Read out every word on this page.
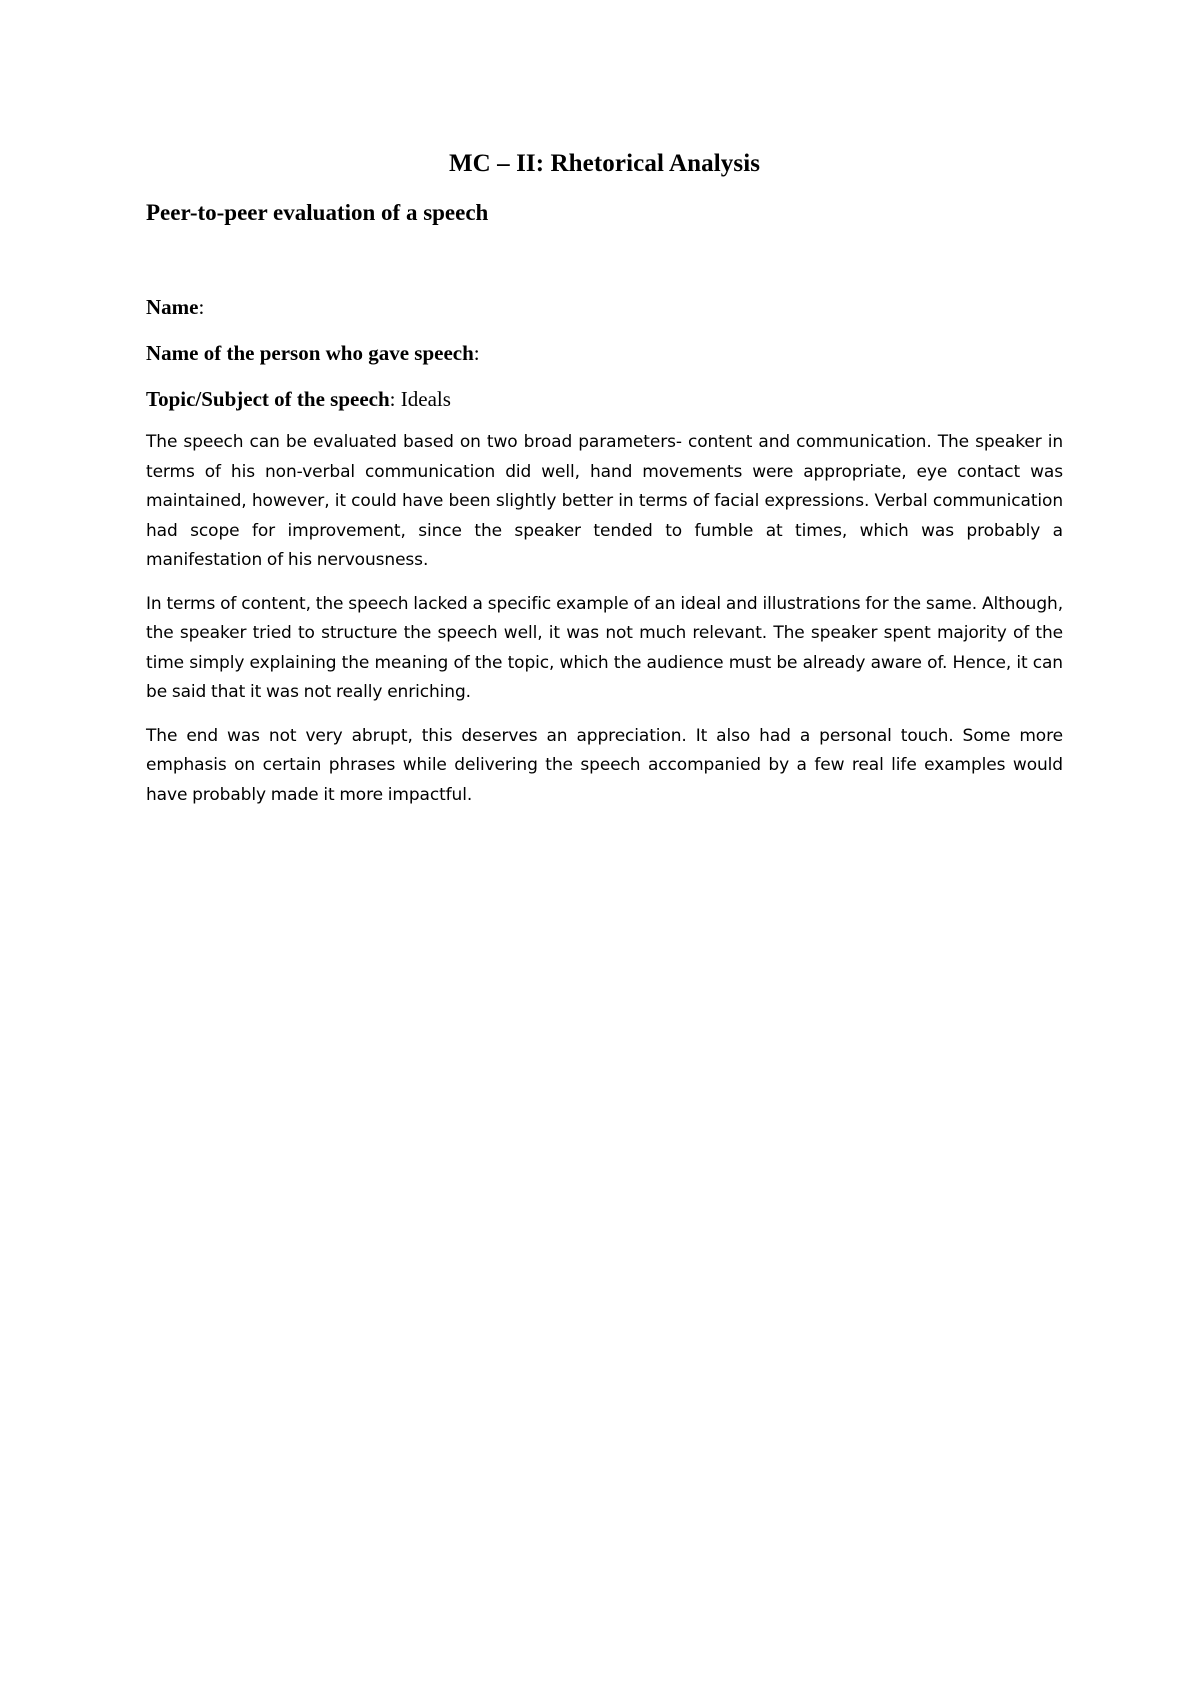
MC – II: Rhetorical Analysis
Peer-to-peer evaluation of a speech

Name:

Name of the person who gave speech:

Topic/Subject of the speech: Ideals

The speech can be evaluated based on two broad parameters- content and communication. The speaker in terms of his non-verbal communication did well, hand movements were appropriate, eye contact was maintained, however, it could have been slightly better in terms of facial expressions. Verbal communication had scope for improvement, since the speaker tended to fumble at times, which was probably a manifestation of his nervousness.

In terms of content, the speech lacked a specific example of an ideal and illustrations for the same. Although, the speaker tried to structure the speech well, it was not much relevant. The speaker spent majority of the time simply explaining the meaning of the topic, which the audience must be already aware of. Hence, it can be said that it was not really enriching.

The end was not very abrupt, this deserves an appreciation. It also had a personal touch. Some more emphasis on certain phrases while delivering the speech accompanied by a few real life examples would have probably made it more impactful.
